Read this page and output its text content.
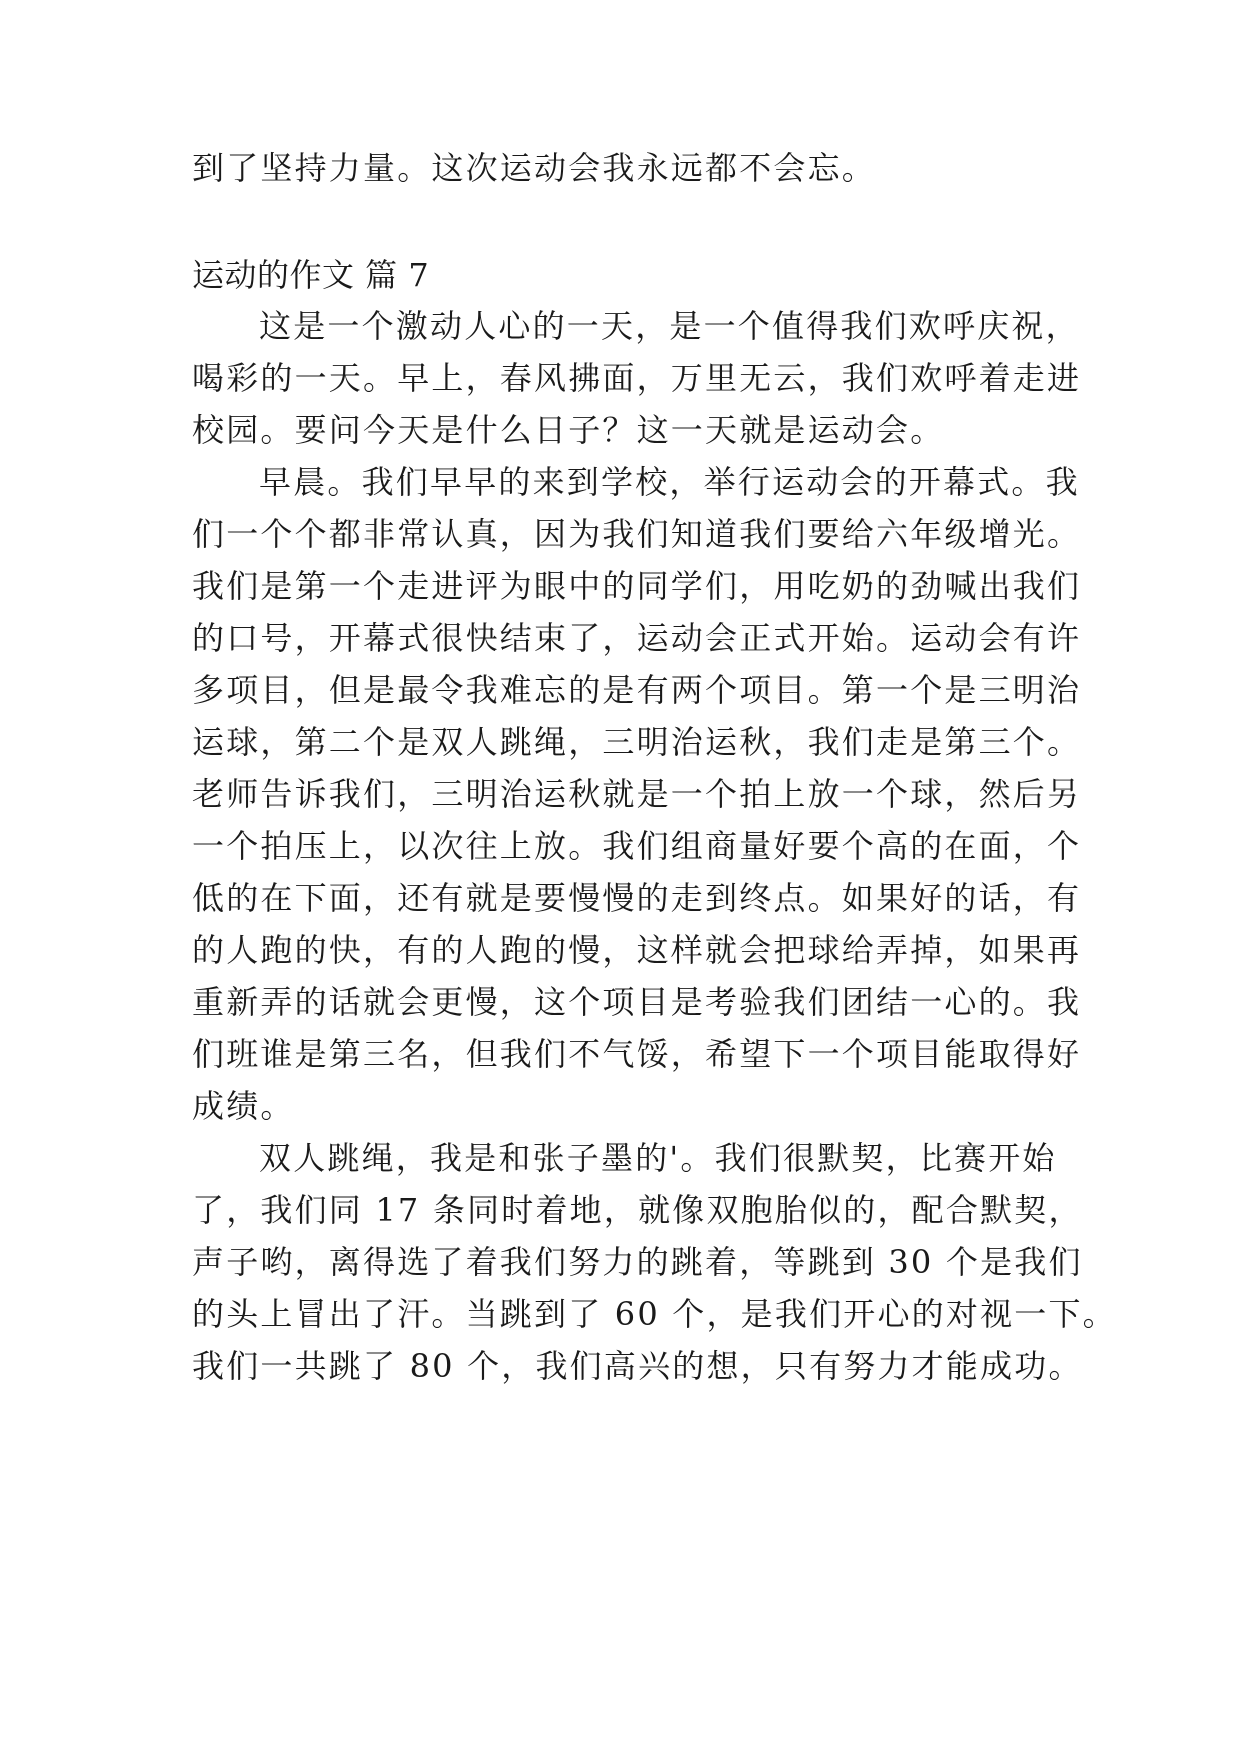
到了坚持力量。这次运动会我永远都不会忘。
运动的作文 篇 7
这是一个激动人心的一天，是一个值得我们欢呼庆祝，
喝彩的一天。早上，春风拂面，万里无云，我们欢呼着走进
校园。要问今天是什么日子？这一天就是运动会。
早晨。我们早早的来到学校，举行运动会的开幕式。我
们一个个都非常认真，因为我们知道我们要给六年级增光。
我们是第一个走进评为眼中的同学们，用吃奶的劲喊出我们
的口号，开幕式很快结束了，运动会正式开始。运动会有许
多项目，但是最令我难忘的是有两个项目。第一个是三明治
运球，第二个是双人跳绳，三明治运秋，我们走是第三个。
老师告诉我们，三明治运秋就是一个拍上放一个球，然后另
一个拍压上，以次往上放。我们组商量好要个高的在面，个
低的在下面，还有就是要慢慢的走到终点。如果好的话，有
的人跑的快，有的人跑的慢，这样就会把球给弄掉，如果再
重新弄的话就会更慢，这个项目是考验我们团结一心的。我
们班谁是第三名，但我们不气馁，希望下一个项目能取得好
成绩。
双人跳绳，我是和张子墨的'。我们很默契，比赛开始
了，我们同 17 条同时着地，就像双胞胎似的，配合默契，
声子哟，离得选了着我们努力的跳着，等跳到 30 个是我们
的头上冒出了汗。当跳到了 60 个，是我们开心的对视一下。
我们一共跳了 80 个，我们高兴的想，只有努力才能成功。
